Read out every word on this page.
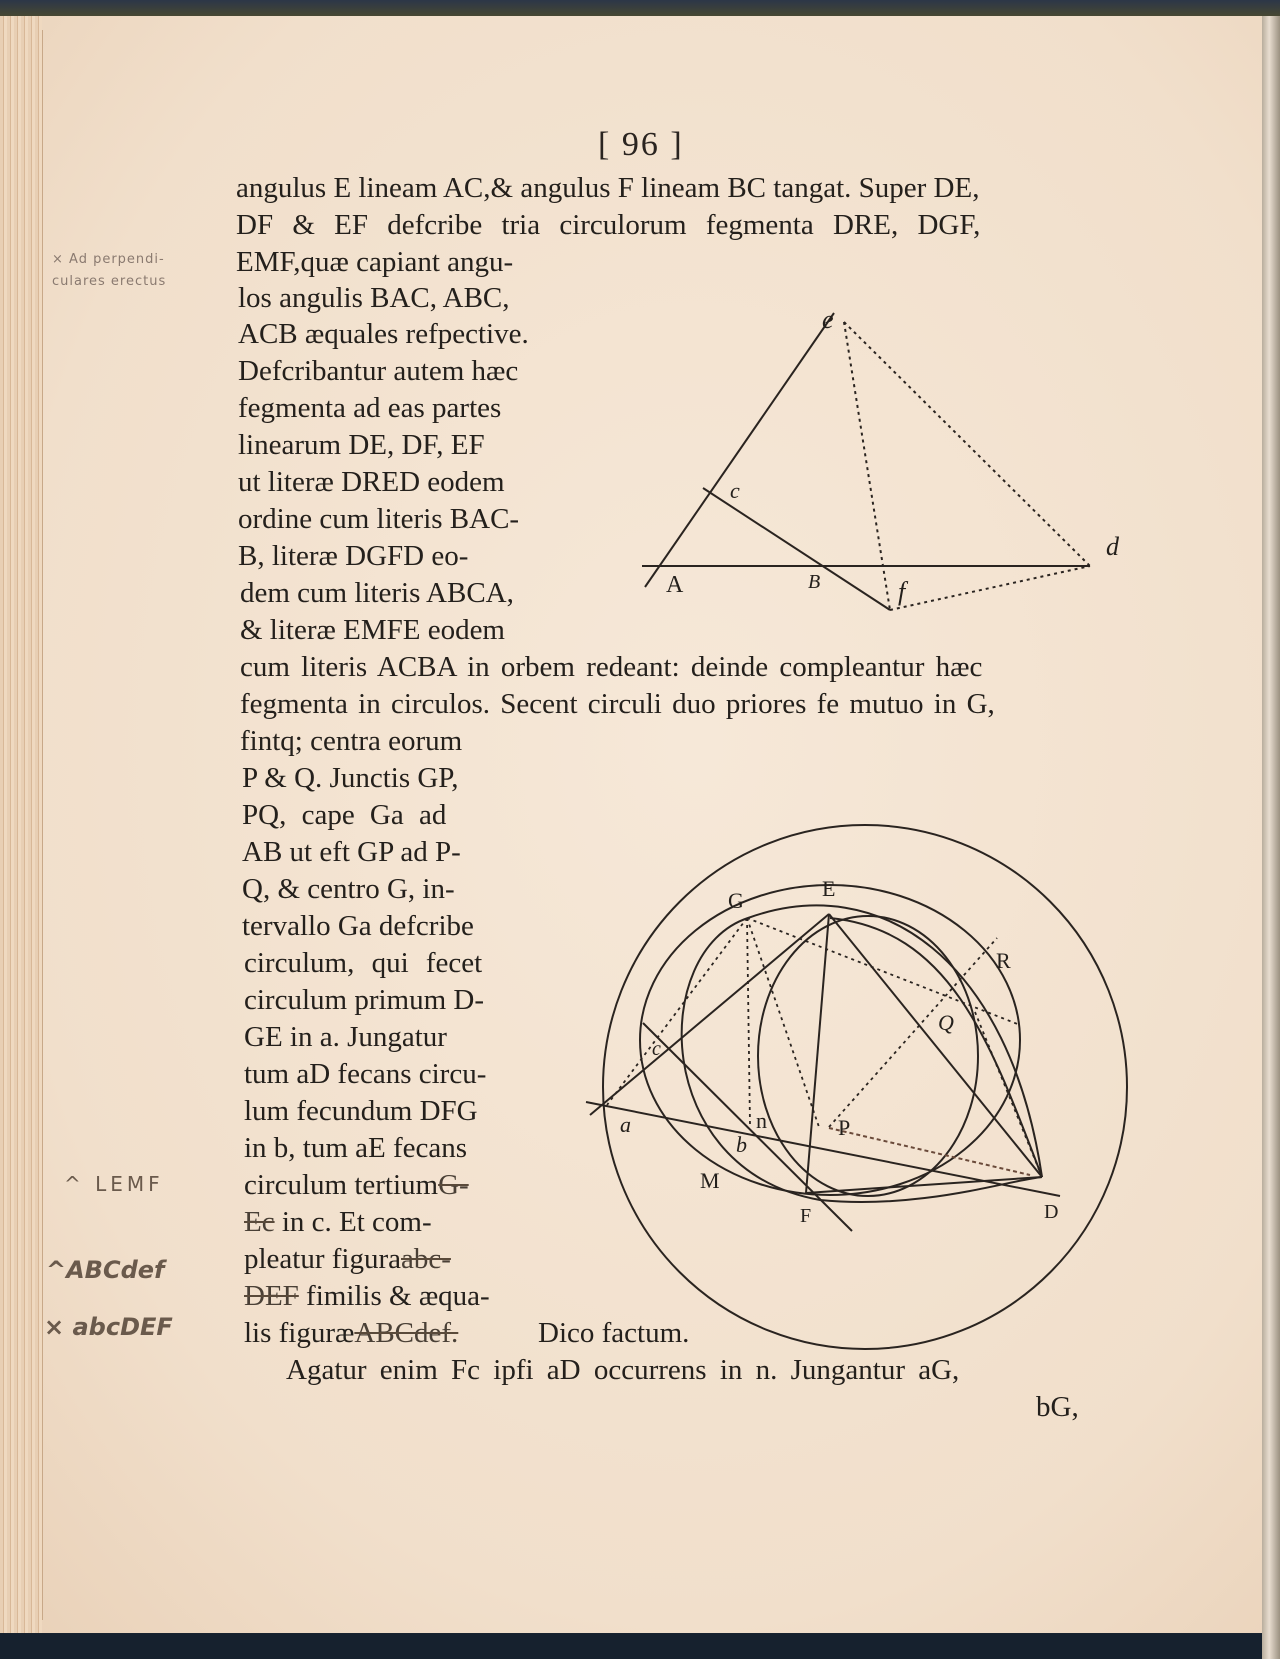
[ 96 ]
angulus E lineam AC,& angulus F lineam BC tangat. Super DE,
DF & EF defcribe tria circulorum fegmenta DRE, DGF,
EMF,quæ capiant angu-
los angulis BAC, ABC,
ACB æquales refpective.
Defcribantur autem hæc
fegmenta ad eas partes
linearum DE, DF, EF
ut literæ DRED eodem
ordine cum literis BAC-
B, literæ DGFD eo-
dem cum literis ABCA,
& literæ EMFE eodem
cum literis ACBA in orbem redeant: deinde compleantur hæc
fegmenta in circulos. Secent circuli duo priores fe mutuo in G,
fintq; centra eorum
P & Q. Junctis GP,
PQ, cape Ga ad
AB ut eft GP ad P-
Q, & centro G, in-
tervallo Ga defcribe
circulum, qui fecet
circulum primum D-
GE in a. Jungatur
tum aD fecans circu-
lum fecundum DFG
in b, tum aE fecans
circulum tertiumG-
Ec in c. Et com-
pleatur figuraabc-
DEF fimilis & æqua-
lis figuræABCdef.	Dico factum.
Agatur enim Fc ipfi aD occurrens in n. Jungantur aG,
bG,
× Ad perpendi-
culares erectus
^ LEMF
^ABCdef
× abcDEF
e
c
A	B	f
d
G	E
R
Q
c
a	n
b
P
M
F	D
